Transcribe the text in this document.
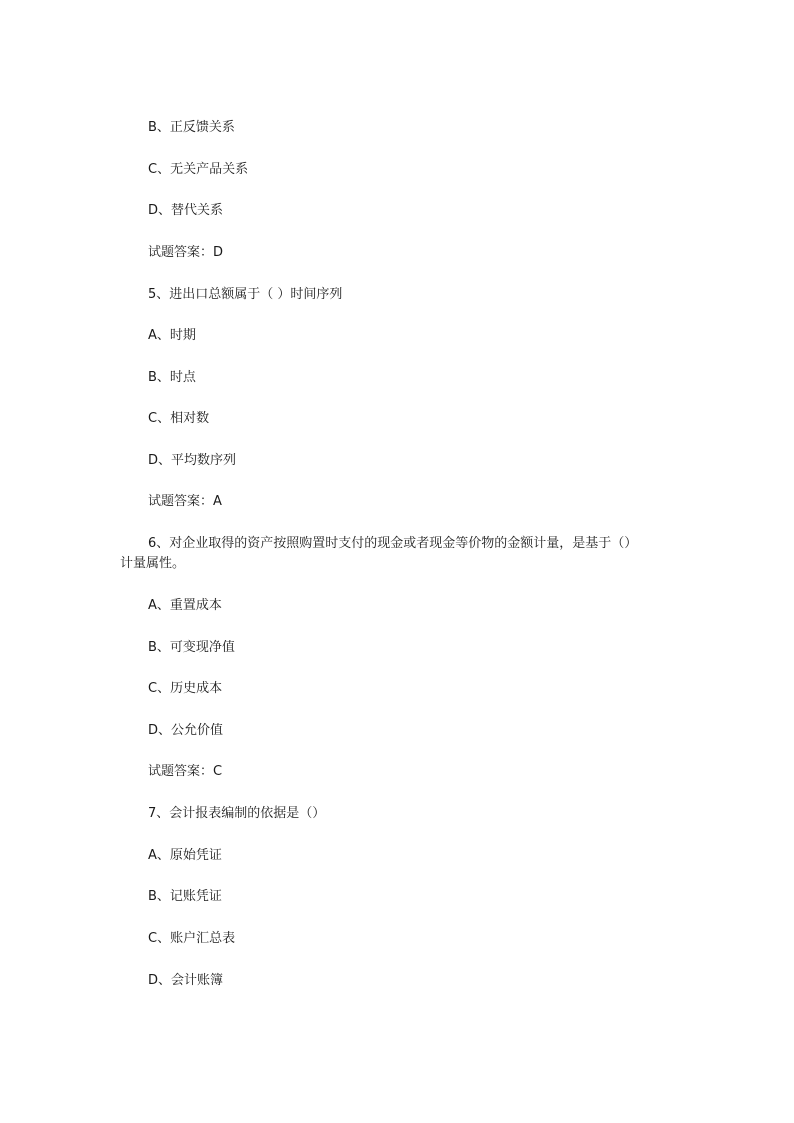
B、正反馈关系
C、无关产品关系
D、替代关系
试题答案：D
5、进出口总额属于（ ）时间序列
A、时期
B、时点
C、相对数
D、平均数序列
试题答案：A
6、对企业取得的资产按照购置时支付的现金或者现金等价物的金额计量，是基于（）
计量属性。
A、重置成本
B、可变现净值
C、历史成本
D、公允价值
试题答案：C
7、会计报表编制的依据是（）
A、原始凭证
B、记账凭证
C、账户汇总表
D、会计账簿
